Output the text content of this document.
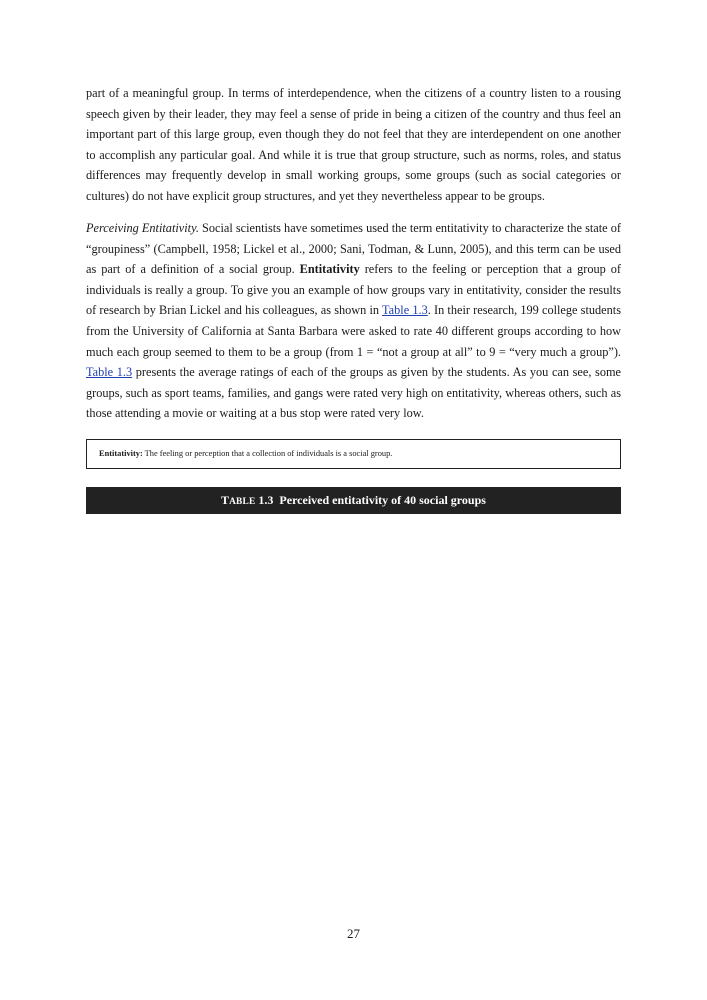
part of a meaningful group. In terms of interdependence, when the citizens of a country listen to a rousing speech given by their leader, they may feel a sense of pride in being a citizen of the country and thus feel an important part of this large group, even though they do not feel that they are interdependent on one another to accomplish any particular goal. And while it is true that group structure, such as norms, roles, and status differences may frequently develop in small working groups, some groups (such as social categories or cultures) do not have explicit group structures, and yet they nevertheless appear to be groups.

Perceiving Entitativity. Social scientists have sometimes used the term entitativity to characterize the state of “groupiness” (Campbell, 1958; Lickel et al., 2000; Sani, Todman, & Lunn, 2005), and this term can be used as part of a definition of a social group. Entitativity refers to the feeling or perception that a group of individuals is really a group. To give you an example of how groups vary in entitativity, consider the results of research by Brian Lickel and his colleagues, as shown in Table 1.3. In their research, 199 college students from the University of California at Santa Barbara were asked to rate 40 different groups according to how much each group seemed to them to be a group (from 1 = “not a group at all” to 9 = “very much a group”). Table 1.3 presents the average ratings of each of the groups as given by the students. As you can see, some groups, such as sport teams, families, and gangs were rated very high on entitativity, whereas others, such as those attending a movie or waiting at a bus stop were rated very low.

Entitativity: The feeling or perception that a collection of individuals is a social group.
TABLE 1.3  Perceived entitativity of 40 social groups
27
